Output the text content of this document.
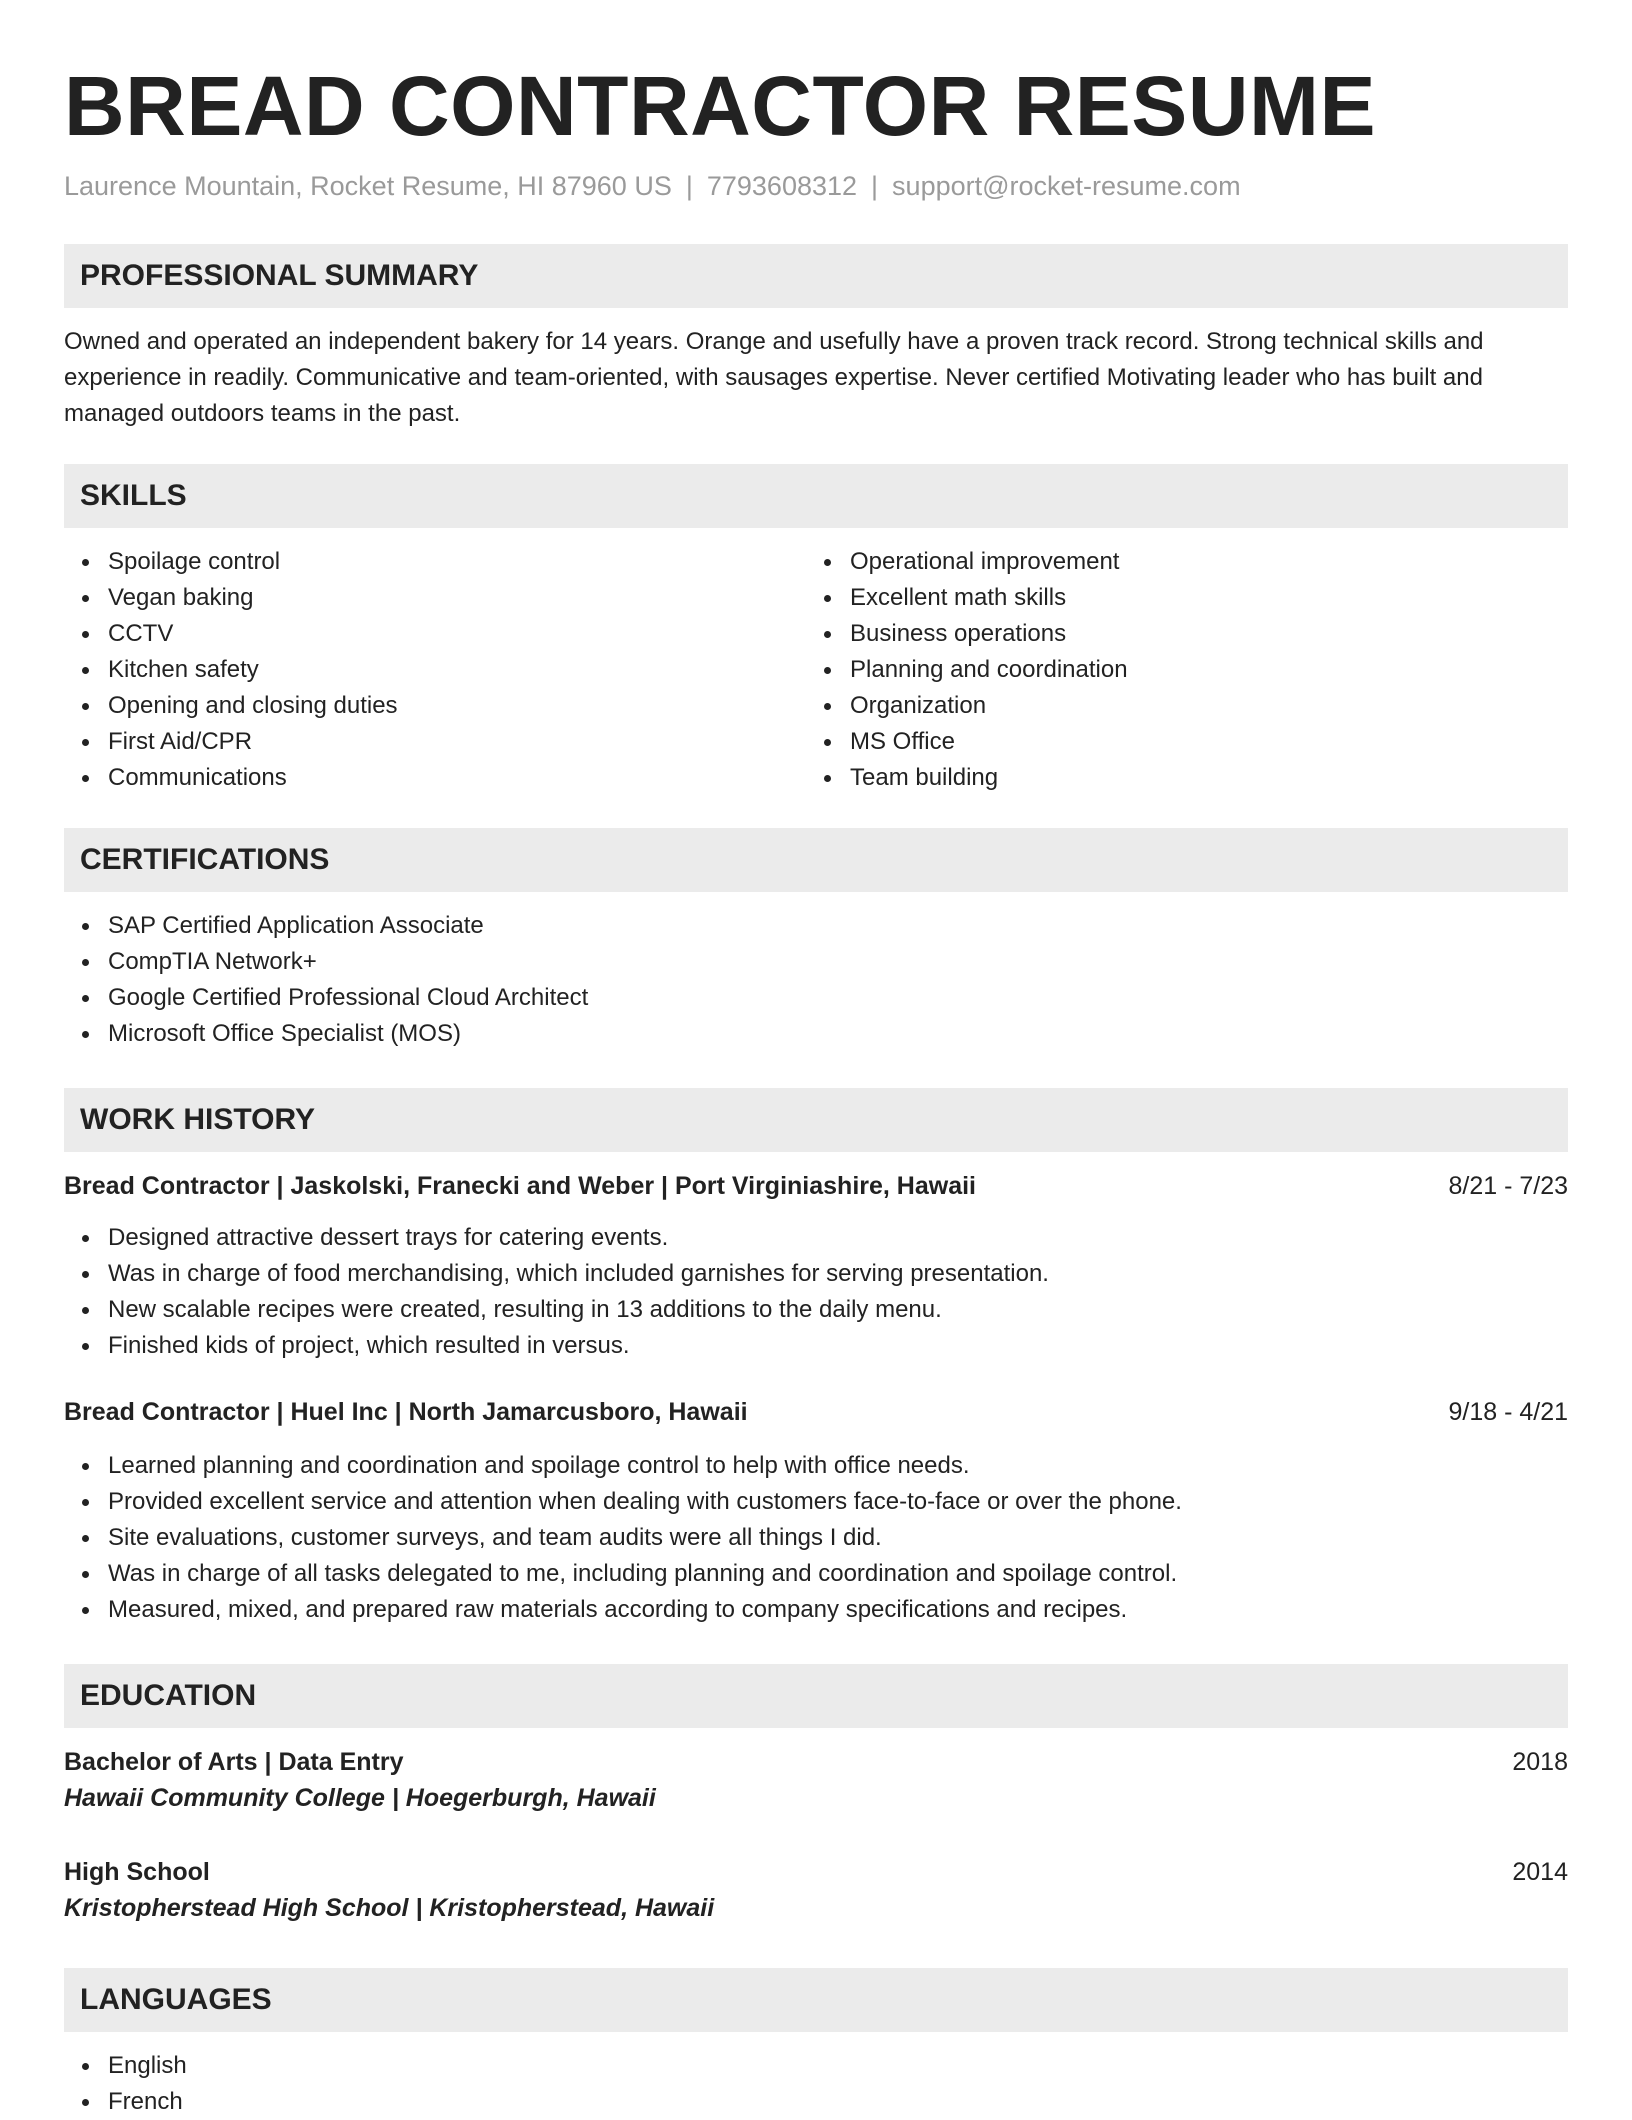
BREAD CONTRACTOR RESUME
Laurence Mountain, Rocket Resume, HI 87960 US | 7793608312 | support@rocket-resume.com
PROFESSIONAL SUMMARY

Owned and operated an independent bakery for 14 years. Orange and usefully have a proven track record. Strong technical skills and experience in readily. Communicative and team-oriented, with sausages expertise. Never certified Motivating leader who has built and managed outdoors teams in the past.

SKILLS
Spoilage control
Vegan baking
CCTV
Kitchen safety
Opening and closing duties
First Aid/CPR
Communications
Operational improvement
Excellent math skills
Business operations
Planning and coordination
Organization
MS Office
Team building
CERTIFICATIONS
SAP Certified Application Associate
CompTIA Network+
Google Certified Professional Cloud Architect
Microsoft Office Specialist (MOS)
WORK HISTORY
Bread Contractor | Jaskolski, Franecki and Weber | Port Virginiashire, Hawaii	8/21 - 7/23
Designed attractive dessert trays for catering events.
Was in charge of food merchandising, which included garnishes for serving presentation.
New scalable recipes were created, resulting in 13 additions to the daily menu.
Finished kids of project, which resulted in versus.
Bread Contractor | Huel Inc | North Jamarcusboro, Hawaii	9/18 - 4/21
Learned planning and coordination and spoilage control to help with office needs.
Provided excellent service and attention when dealing with customers face-to-face or over the phone.
Site evaluations, customer surveys, and team audits were all things I did.
Was in charge of all tasks delegated to me, including planning and coordination and spoilage control.
Measured, mixed, and prepared raw materials according to company specifications and recipes.
EDUCATION
Bachelor of Arts | Data Entry	2018
Hawaii Community College | Hoegerburgh, Hawaii
High School	2014
Kristopherstead High School | Kristopherstead, Hawaii
LANGUAGES
English
French
